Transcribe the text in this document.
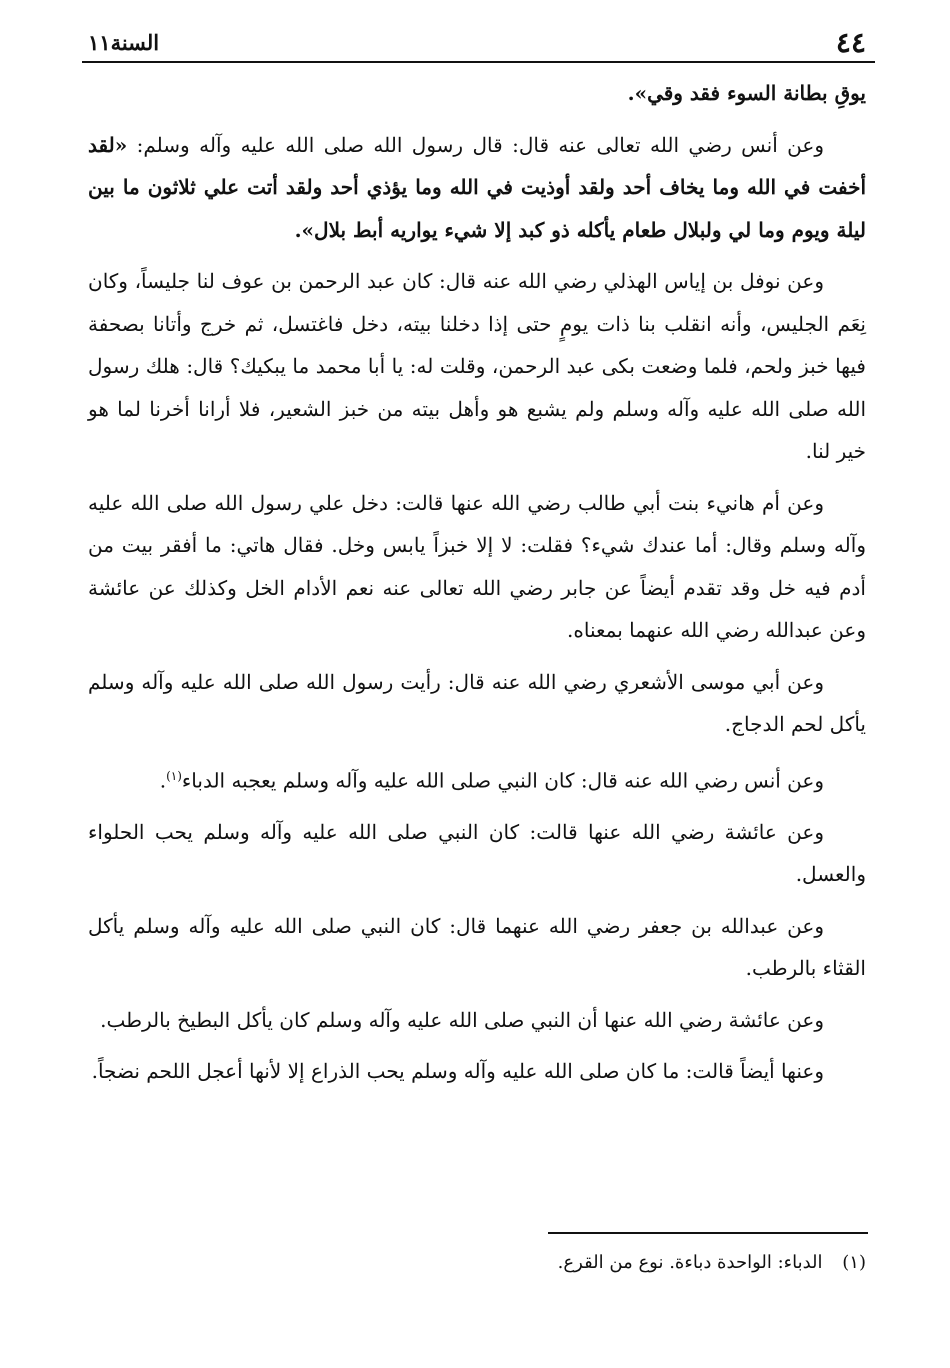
٤٤
السنة١١

يوقِ بطانة السوء فقد وقي».

وعن أنس رضي الله تعالى عنه قال: قال رسول الله صلى الله عليه وآله وسلم: «لقد أخفت في الله وما يخاف أحد ولقد أوذيت في الله وما يؤذي أحد ولقد أتت علي ثلاثون ما بين ليلة ويوم وما لي ولبلال طعام يأكله ذو كبد إلا شيء يواريه أبط بلال».

وعن نوفل بن إياس الهذلي رضي الله عنه قال: كان عبد الرحمن بن عوف لنا جليساً، وكان نِعَم الجليس، وأنه انقلب بنا ذات يومٍ حتى إذا دخلنا بيته، دخل فاغتسل، ثم خرج وأتانا بصحفة فيها خبز ولحم، فلما وضعت بكى عبد الرحمن، وقلت له: يا أبا محمد ما يبكيك؟ قال: هلك رسول الله صلى الله عليه وآله وسلم ولم يشبع هو وأهل بيته من خبز الشعير، فلا أرانا أخرنا لما هو خير لنا.

وعن أم هانيء بنت أبي طالب رضي الله عنها قالت: دخل علي رسول الله صلى الله عليه وآله وسلم وقال: أما عندك شيء؟ فقلت: لا إلا خبزاً يابس وخل. فقال هاتي: ما أفقر بيت من أدم فيه خل وقد تقدم أيضاً عن جابر رضي الله تعالى عنه نعم الأدام الخل وكذلك عن عائشة وعن عبدالله رضي الله عنهما بمعناه.

وعن أبي موسى الأشعري رضي الله عنه قال: رأيت رسول الله صلى الله عليه وآله وسلم يأكل لحم الدجاج.

وعن أنس رضي الله عنه قال: كان النبي صلى الله عليه وآله وسلم يعجبه الدباء$^{(١)}$.

وعن عائشة رضي الله عنها قالت: كان النبي صلى الله عليه وآله وسلم يحب الحلواء والعسل.

وعن عبدالله بن جعفر رضي الله عنهما قال: كان النبي صلى الله عليه وآله وسلم يأكل القثاء بالرطب.

وعن عائشة رضي الله عنها أن النبي صلى الله عليه وآله وسلم كان يأكل البطيخ بالرطب.

وعنها أيضاً قالت: ما كان صلى الله عليه وآله وسلم يحب الذراع إلا لأنها أعجل اللحم نضجاً.

(١) الدباء: الواحدة دباءة. نوع من القرع.
